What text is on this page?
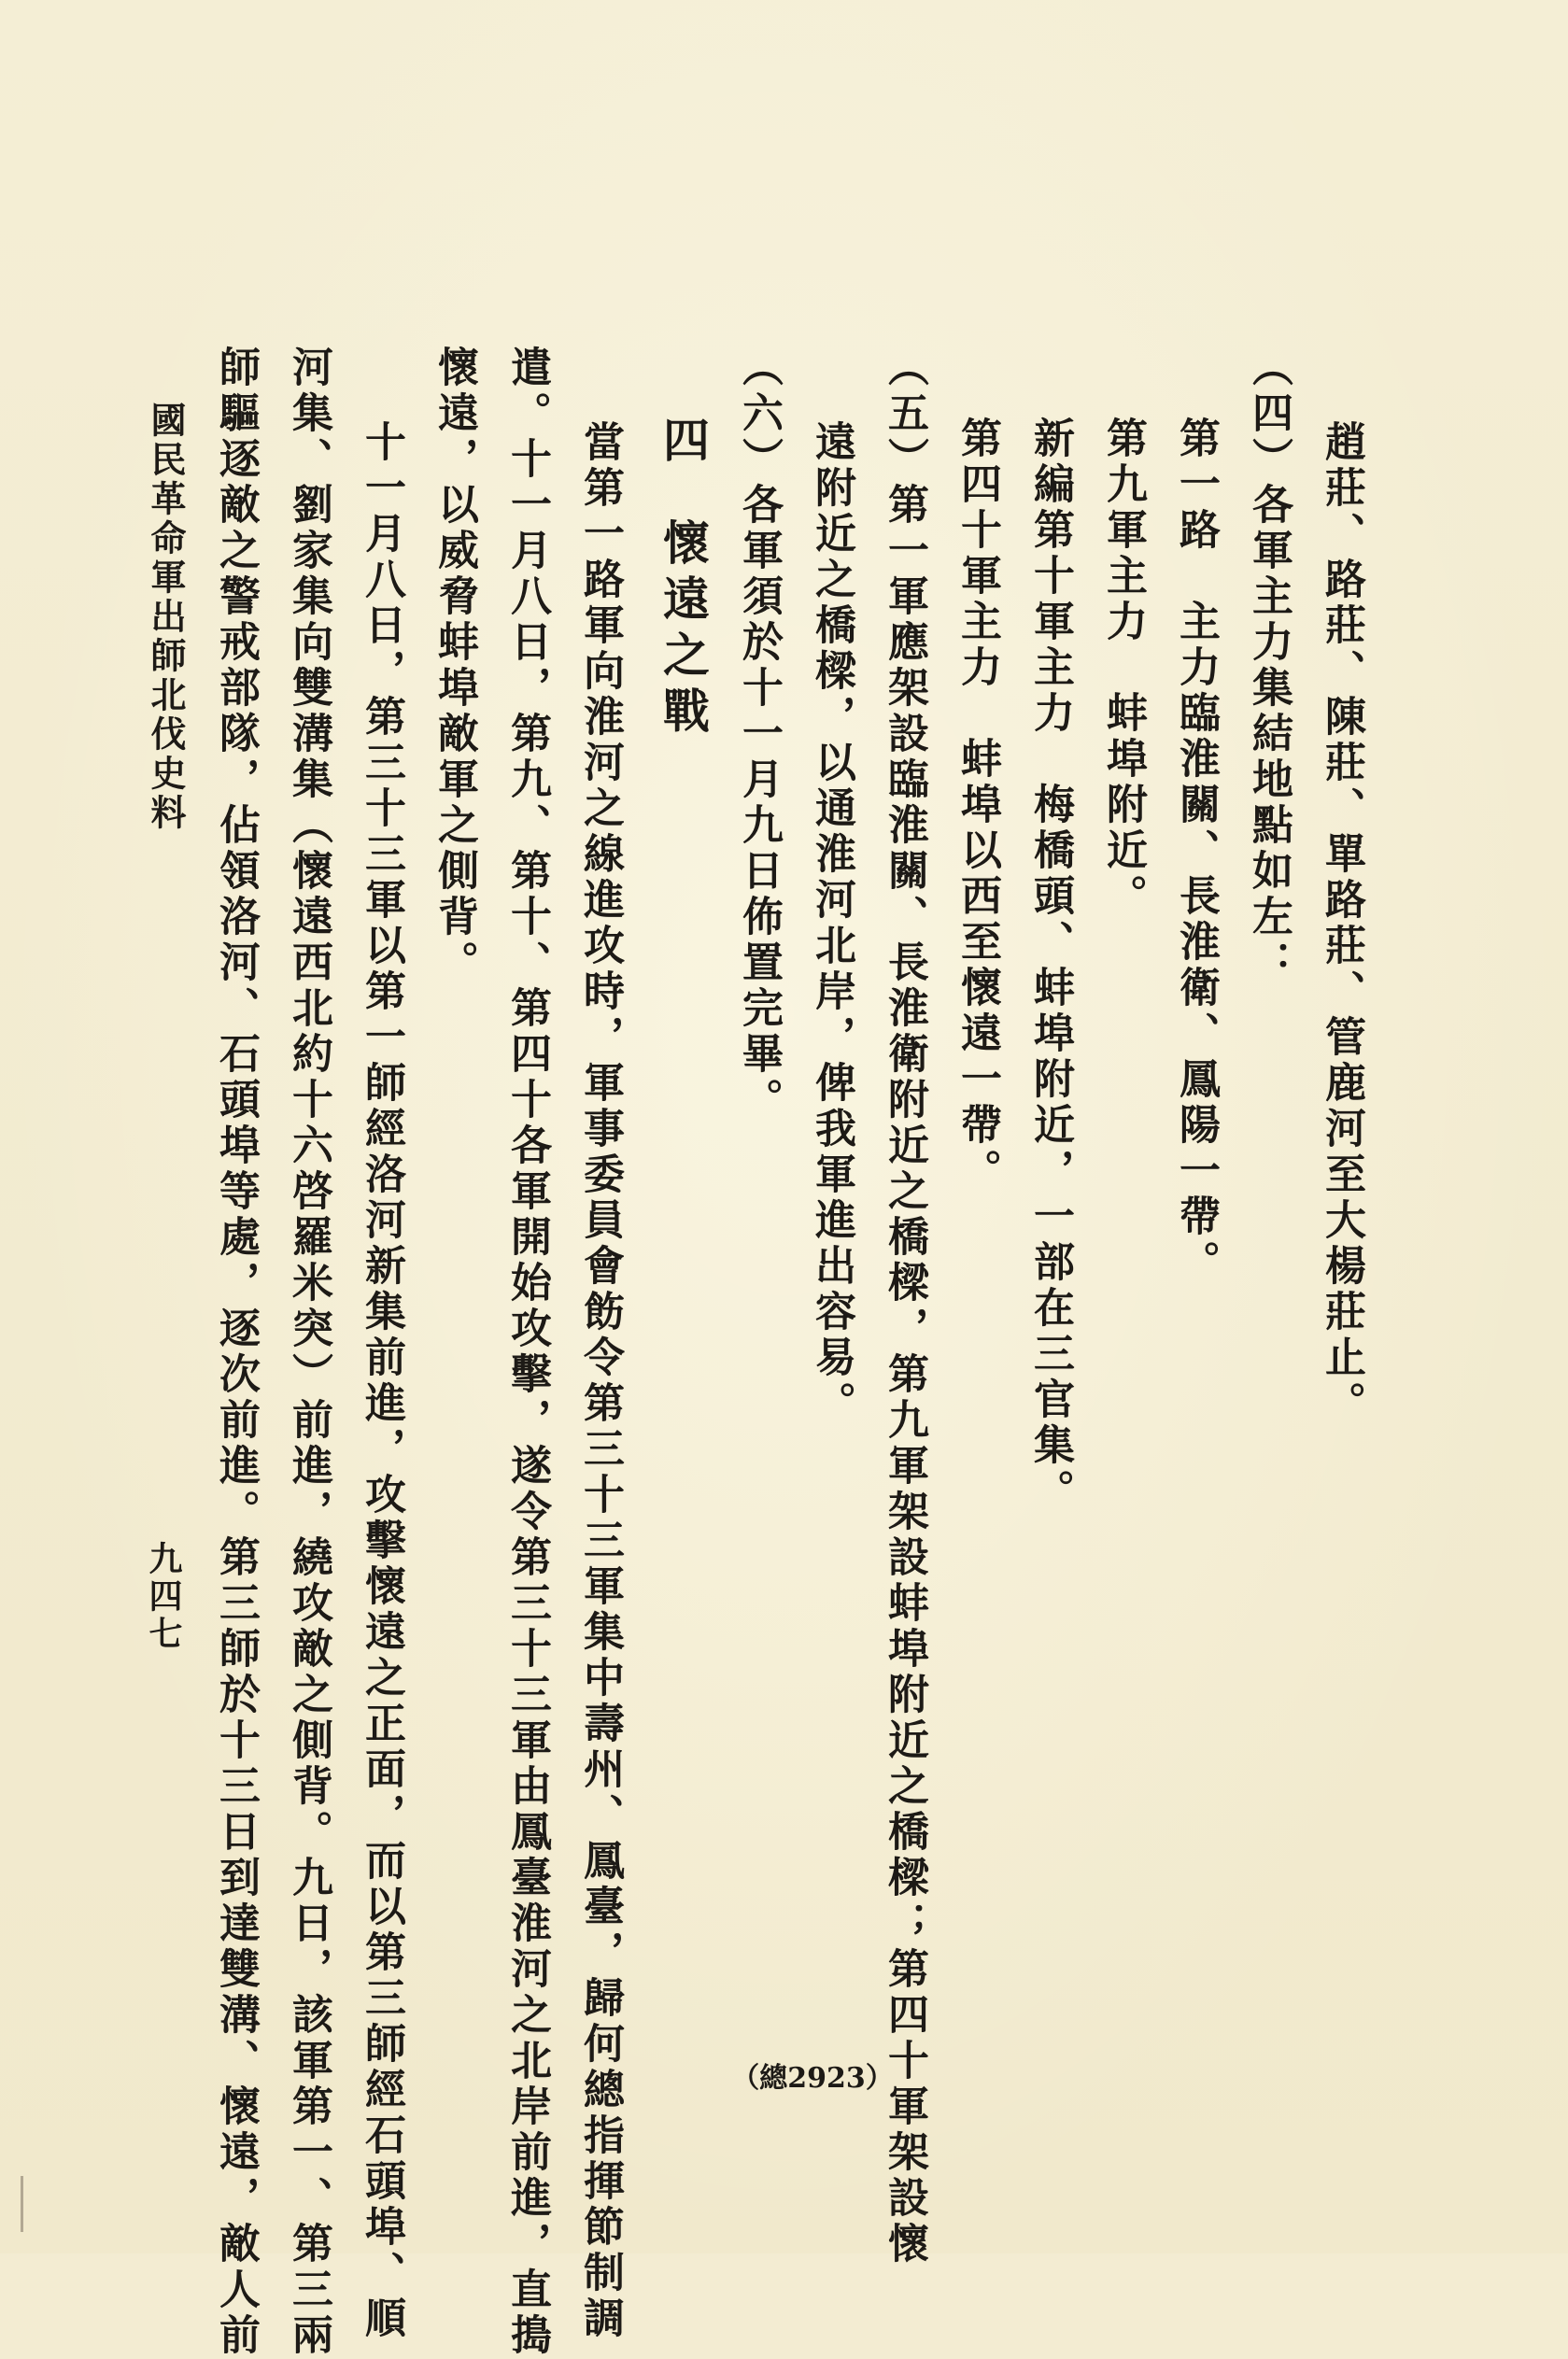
趙莊、路莊、陳莊、單路莊、管鹿河至大楊莊止。
（四）各軍主力集結地點如左：
第一路　主力臨淮關、長淮衛、鳳陽一帶。
第九軍主力　蚌埠附近。
新編第十軍主力　梅橋頭、蚌埠附近，一部在三官集。
第四十軍主力　蚌埠以西至懷遠一帶。
（五）第一軍應架設臨淮關、長淮衛附近之橋樑，第九軍架設蚌埠附近之橋樑；第四十軍架設懷
遠附近之橋樑，以通淮河北岸，俾我軍進出容易。
（六）各軍須於十一月九日佈置完畢。
四懷遠之戰
當第一路軍向淮河之線進攻時，軍事委員會飭令第三十三軍集中壽州、鳳臺，歸何總指揮節制調
遣。十一月八日，第九、第十、第四十各軍開始攻擊，遂令第三十三軍由鳳臺淮河之北岸前進，直搗
懷遠，以威脅蚌埠敵軍之側背。
十一月八日，第三十三軍以第一師經洛河新集前進，攻擊懷遠之正面，而以第三師經石頭埠、順
河集、劉家集向雙溝集（懷遠西北約十六啓羅米突）前進，繞攻敵之側背。九日，該軍第一、第三兩
師驅逐敵之警戒部隊，佔領洛河、石頭埠等處，逐次前進。第三師於十三日到達雙溝、懷遠，敵人前
國民革命軍出師北伐史料
九四七
（總2923）
